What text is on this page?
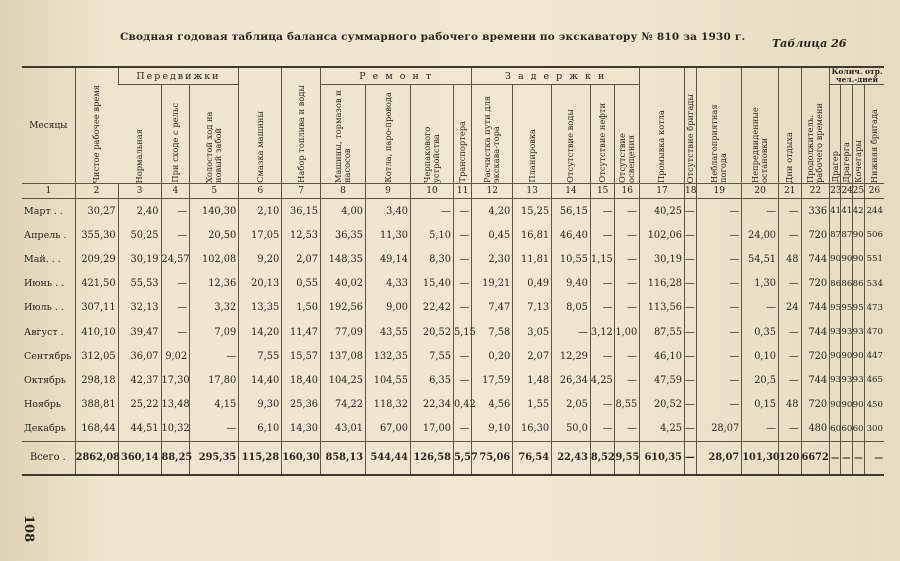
Сводная годовая таблица баланса суммарного рабочего времени по экскаватору № 810 за 1930 г. Таблица 26
108
Месяцы	Чистое рабочее время	Передвижки			Смазка машины	Набор топлива и воды	Р е м о н т				З а д е р ж к и					Промывка котла	Отсутствие бригады	Неблагоприятная погода	Непредвиденные остановки	Дни отдыха	Продолжитель. рабочего времени	Колич. отр. чел.-дней			

		Нормальная	При сходе с рельс	Холостой ход на новый забой			Машины, тормазов и насосов	Котла, паро-провода	Черпакового устройства	Транспортера	Расчистка пути для экскава-тора	Планировка	Отсутствие воды	Отсутствие нефти	Отсутствие освещения							Драгер	Драгерга	Кочегары	Нижняя бригада

1	2	3	4	5	6	7	8	9	10	11	12	13	14	15	16	17	18	19	20	21	22	23	24	25	26
Март . .	30,27	2,40	—	140,30	2,10	36,15	4,00	3,40	—	—	4,20	15,25	56,15	—	—	40,25	—	—	—	—	336	41	41	42	244
Апрель .	355,30	50,25	—	20,50	17,05	12,53	36,35	11,30	5,10	—	0,45	16,81	46,40	—	—	102,06	—	—	24,00	—	720	87	87	90	506
Май. . .	209,29	30,19	24,57	102,08	9,20	2,07	148,35	49,14	8,30	—	2,30	11,81	10,55	1,15	—	30,19	—	—	54,51	48	744	90	90	90	551
Июнь . .	421,50	55,53	—	12,36	20,13	0,55	40,02	4,33	15,40	—	19,21	0,49	9,40	—	—	116,28	—	—	1,30	—	720	86	86	86	534
Июль . .	307,11	32,13	—	3,32	13,35	1,50	192,56	9,00	22,42	—	7,47	7,13	8,05	—	—	113,56	—	—	—	24	744	95	95	95	473
Август .	410,10	39,47	—	7,09	14,20	11,47	77,09	43,55	20,52	5,15	7,58	3,05	—	3,12	1,00	87,55	—	—	0,35	—	744	93	93	93	470
Сентябрь	312,05	36,07	9,02	—	7,55	15,57	137,08	132,35	7,55	—	0,20	2,07	12,29	—	—	46,10	—	—	0,10	—	720	90	90	90	447
Октябрь	298,18	42,37	17,30	17,80	14,40	18,40	104,25	104,55	6,35	—	17,59	1,48	26,34	4,25	—	47,59	—	—	20,5	—	744	93	93	93	465
Ноябрь	388,81	25,22	13,48	4,15	9,30	25,36	74,22	118,32	22,34	0,42	4,56	1,55	2,05	—	8,55	20,52	—	—	0,15	48	720	90	90	90	450
Декабрь	168,44	44,51	10,32	—	6,10	14,30	43,01	67,00	17,00	—	9,10	16,30	50,0	—	—	4,25	—	28,07	—	—	480	60	60	60	300
Всего .	2862,08	360,14	88,25	295,35	115,28	160,30	858,13	544,44	126,58	5,57	75,06	76,54	22,43	8,52	9,55	610,35	—	28,07	101,30	120	6672	—	—	—	—
